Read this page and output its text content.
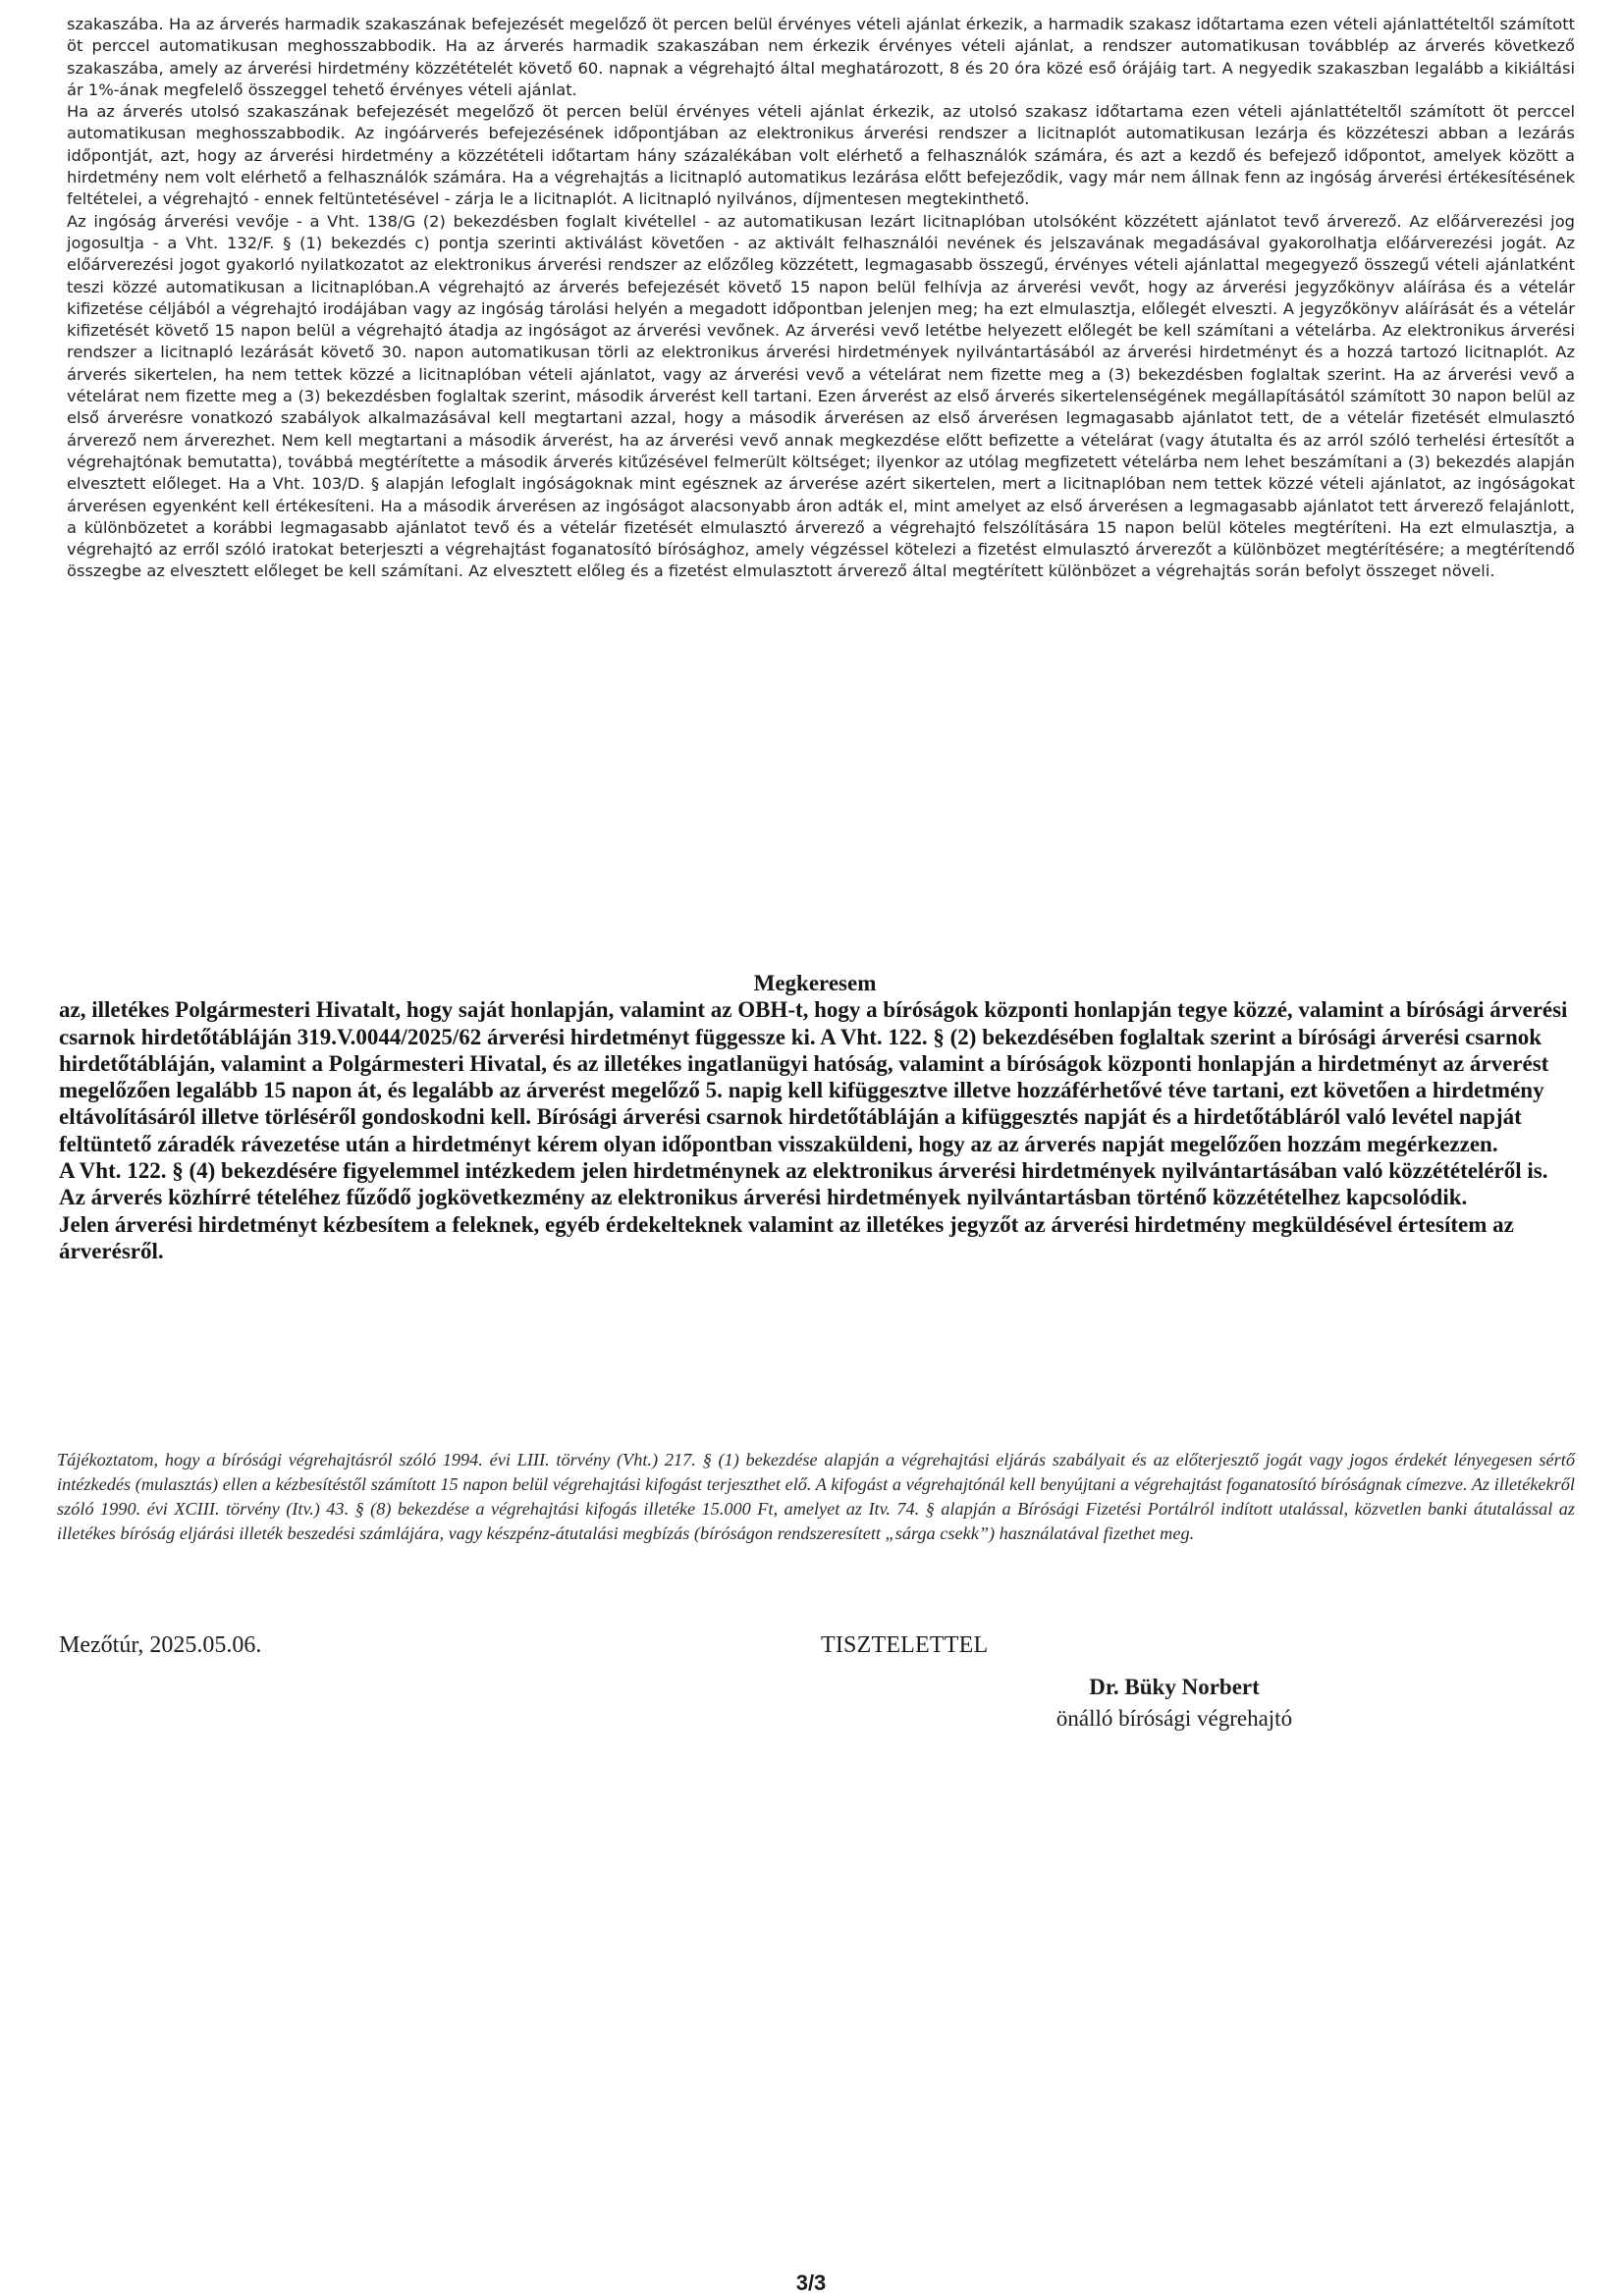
szakaszába. Ha az árverés harmadik szakaszának befejezését megelőző öt percen belül érvényes vételi ajánlat érkezik, a harmadik szakasz időtartama ezen vételi ajánlattételtől számított öt perccel automatikusan meghosszabbodik. Ha az árverés harmadik szakaszában nem érkezik érvényes vételi ajánlat, a rendszer automatikusan továbblép az árverés következő szakaszába, amely az árverési hirdetmény közzétételét követő 60. napnak a végrehajtó által meghatározott, 8 és 20 óra közé eső órájáig tart. A negyedik szakaszban legalább a kikiáltási ár 1%-ának megfelelő összeggel tehető érvényes vételi ajánlat.

Ha az árverés utolsó szakaszának befejezését megelőző öt percen belül érvényes vételi ajánlat érkezik, az utolsó szakasz időtartama ezen vételi ajánlattételtől számított öt perccel automatikusan meghosszabbodik. Az ingóárverés befejezésének időpontjában az elektronikus árverési rendszer a licitnaplót automatikusan lezárja és közzéteszi abban a lezárás időpontját, azt, hogy az árverési hirdetmény a közzétételi időtartam hány százalékában volt elérhető a felhasználók számára, és azt a kezdő és befejező időpontot, amelyek között a hirdetmény nem volt elérhető a felhasználók számára. Ha a végrehajtás a licitnapló automatikus lezárása előtt befejeződik, vagy már nem állnak fenn az ingóság árverési értékesítésének feltételei, a végrehajtó - ennek feltüntetésével - zárja le a licitnaplót. A licitnapló nyilvános, díjmentesen megtekinthető.

Az ingóság árverési vevője - a Vht. 138/G (2) bekezdésben foglalt kivétellel - az automatikusan lezárt licitnaplóban utolsóként közzétett ajánlatot tevő árverező. Az előárverezési jog jogosultja - a Vht. 132/F. § (1) bekezdés c) pontja szerinti aktiválást követően - az aktivált felhasználói nevének és jelszavának megadásával gyakorolhatja előárverezési jogát. Az előárverezési jogot gyakorló nyilatkozatot az elektronikus árverési rendszer az előzőleg közzétett, legmagasabb összegű, érvényes vételi ajánlattal megegyező összegű vételi ajánlatként teszi közzé automatikusan a licitnaplóban.A végrehajtó az árverés befejezését követő 15 napon belül felhívja az árverési vevőt, hogy az árverési jegyzőkönyv aláírása és a vételár kifizetése céljából a végrehajtó irodájában vagy az ingóság tárolási helyén a megadott időpontban jelenjen meg; ha ezt elmulasztja, előlegét elveszti. A jegyzőkönyv aláírását és a vételár kifizetését követő 15 napon belül a végrehajtó átadja az ingóságot az árverési vevőnek. Az árverési vevő letétbe helyezett előlegét be kell számítani a vételárba. Az elektronikus árverési rendszer a licitnapló lezárását követő 30. napon automatikusan törli az elektronikus árverési hirdetmények nyilvántartásából az árverési hirdetményt és a hozzá tartozó licitnaplót. Az árverés sikertelen, ha nem tettek közzé a licitnaplóban vételi ajánlatot, vagy az árverési vevő a vételárat nem fizette meg a (3) bekezdésben foglaltak szerint. Ha az árverési vevő a vételárat nem fizette meg a (3) bekezdésben foglaltak szerint, második árverést kell tartani. Ezen árverést az első árverés sikertelenségének megállapításától számított 30 napon belül az első árverésre vonatkozó szabályok alkalmazásával kell megtartani azzal, hogy a második árverésen az első árverésen legmagasabb ajánlatot tett, de a vételár fizetését elmulasztó árverező nem árverezhet. Nem kell megtartani a második árverést, ha az árverési vevő annak megkezdése előtt befizette a vételárat (vagy átutalta és az arról szóló terhelési értesítőt a végrehajtónak bemutatta), továbbá megtérítette a második árverés kitűzésével felmerült költséget; ilyenkor az utólag megfizetett vételárba nem lehet beszámítani a (3) bekezdés alapján elvesztett előleget. Ha a Vht. 103/D. § alapján lefoglalt ingóságoknak mint egésznek az árverése azért sikertelen, mert a licitnaplóban nem tettek közzé vételi ajánlatot, az ingóságokat árverésen egyenként kell értékesíteni. Ha a második árverésen az ingóságot alacsonyabb áron adták el, mint amelyet az első árverésen a legmagasabb ajánlatot tett árverező felajánlott, a különbözetet a korábbi legmagasabb ajánlatot tevő és a vételár fizetését elmulasztó árverező a végrehajtó felszólítására 15 napon belül köteles megtéríteni. Ha ezt elmulasztja, a végrehajtó az erről szóló iratokat beterjeszti a végrehajtást foganatosító bírósághoz, amely végzéssel kötelezi a fizetést elmulasztó árverezőt a különbözet megtérítésére; a megtérítendő összegbe az elvesztett előleget be kell számítani. Az elvesztett előleg és a fizetést elmulasztott árverező által megtérített különbözet a végrehajtás során befolyt összeget növeli.

Megkeresem

az, illetékes Polgármesteri Hivatalt, hogy saját honlapján, valamint az OBH-t, hogy a bíróságok központi honlapján tegye közzé, valamint a bírósági árverési csarnok hirdetőtábláján 319.V.0044/2025/62 árverési hirdetményt függessze ki. A Vht. 122. § (2) bekezdésében foglaltak szerint a bírósági árverési csarnok hirdetőtábláján, valamint a Polgármesteri Hivatal, és az illetékes ingatlanügyi hatóság, valamint a bíróságok központi honlapján a hirdetményt az árverést megelőzően legalább 15 napon át, és legalább az árverést megelőző 5. napig kell kifüggesztve illetve hozzáférhetővé téve tartani, ezt követően a hirdetmény eltávolításáról illetve törléséről gondoskodni kell. Bírósági árverési csarnok hirdetőtábláján a kifüggesztés napját és a hirdetőtábláról való levétel napját feltüntető záradék rávezetése után a hirdetményt kérem olyan időpontban visszaküldeni, hogy az az árverés napját megelőzően hozzám megérkezzen.

A Vht. 122. § (4) bekezdésére figyelemmel intézkedem jelen hirdetménynek az elektronikus árverési hirdetmények nyilvántartásában való közzétételéről is. Az árverés közhírré tételéhez fűződő jogkövetkezmény az elektronikus árverési hirdetmények nyilvántartásban történő közzétételhez kapcsolódik.

Jelen árverési hirdetményt kézbesítem a feleknek, egyéb érdekelteknek valamint az illetékes jegyzőt az árverési hirdetmény megküldésével értesítem az árverésről.

Tájékoztatom, hogy a bírósági végrehajtásról szóló 1994. évi LIII. törvény (Vht.) 217. § (1) bekezdése alapján a végrehajtási eljárás szabályait és az előterjesztő jogát vagy jogos érdekét lényegesen sértő intézkedés (mulasztás) ellen a kézbesítéstől számított 15 napon belül végrehajtási kifogást terjeszthet elő. A kifogást a végrehajtónál kell benyújtani a végrehajtást foganatosító bíróságnak címezve. Az illetékekről szóló 1990. évi XCIII. törvény (Itv.) 43. § (8) bekezdése a végrehajtási kifogás illetéke 15.000 Ft, amelyet az Itv. 74. § alapján a Bírósági Fizetési Portálról indított utalással, közvetlen banki átutalással az illetékes bíróság eljárási illeték beszedési számlájára, vagy készpénz-átutalási megbízás (bíróságon rendszeresített „sárga csekk”) használatával fizethet meg.
Mezőtúr, 2025.05.06.	TISZTELETTEL
Dr. Büky Norbert
önálló bírósági végrehajtó
3/3
